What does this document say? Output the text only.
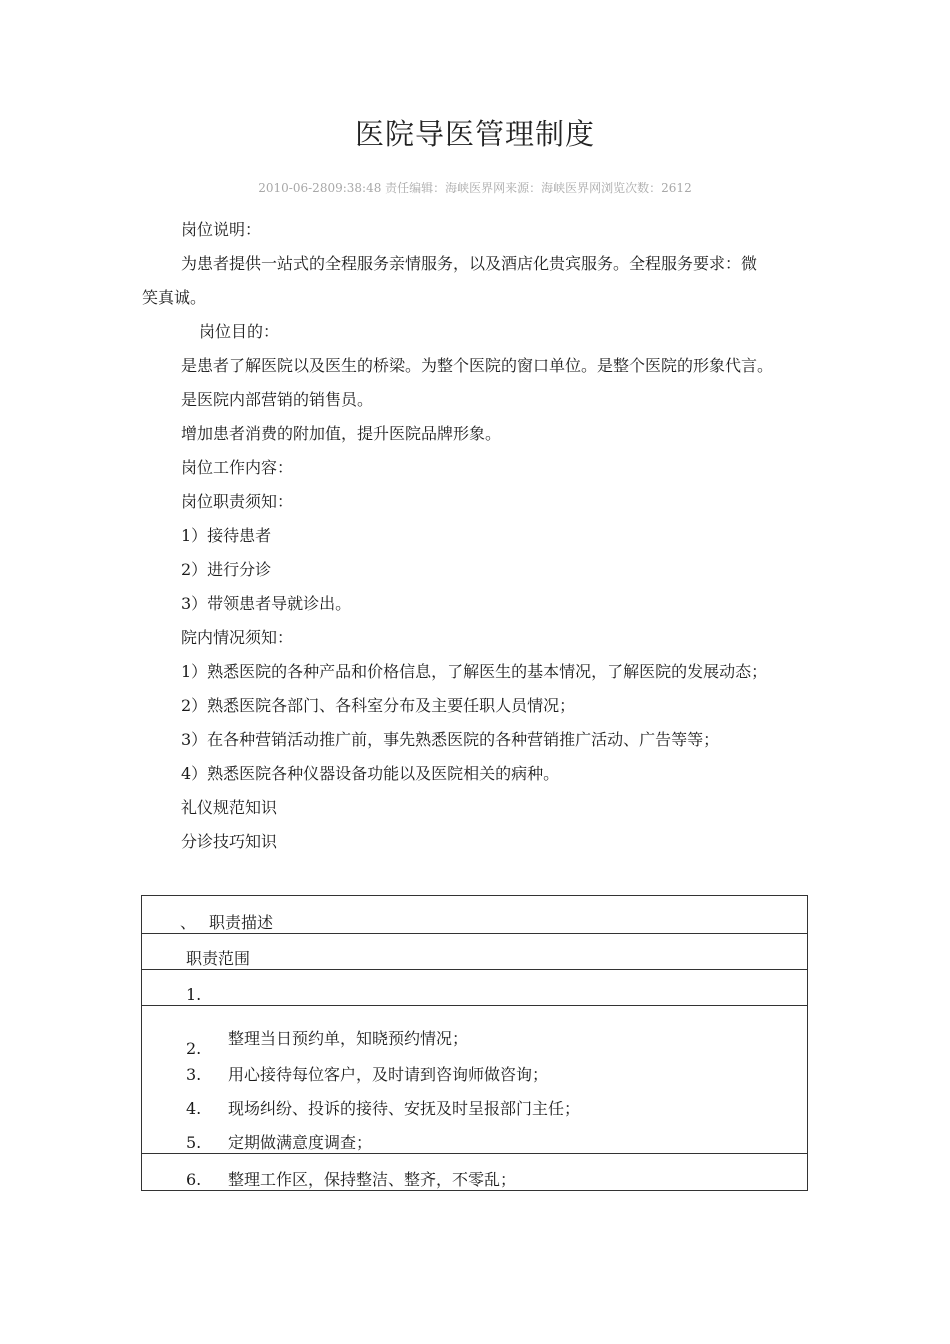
医院导医管理制度
2010-06-2809:38:48 责任编辑：海峡医界网来源：海峡医界网浏览次数：2612
岗位说明：
为患者提供一站式的全程服务亲情服务，以及酒店化贵宾服务。全程服务要求：微
笑真诚。
岗位目的：
是患者了解医院以及医生的桥梁。为整个医院的窗口单位。是整个医院的形象代言。
是医院内部营销的销售员。
增加患者消费的附加值，提升医院品牌形象。
岗位工作内容：
岗位职责须知：
1）接待患者
2）进行分诊
3）带领患者导就诊出。
院内情况须知：
1）熟悉医院的各种产品和价格信息，了解医生的基本情况，了解医院的发展动态；
2）熟悉医院各部门、各科室分布及主要任职人员情况；
3）在各种营销活动推广前，事先熟悉医院的各种营销推广活动、广告等等；
4）熟悉医院各种仪器设备功能以及医院相关的病种。
礼仪规范知识
分诊技巧知识
、 职责描述

职责范围

1.

2.整理当日预约单，知晓预约情况；
3. 用心接待每位客户，及时请到咨询师做咨询；
4. 现场纠纷、投诉的接待、安抚及时呈报部门主任；
5. 定期做满意度调查；

6. 整理工作区，保持整洁、整齐，不零乱；
